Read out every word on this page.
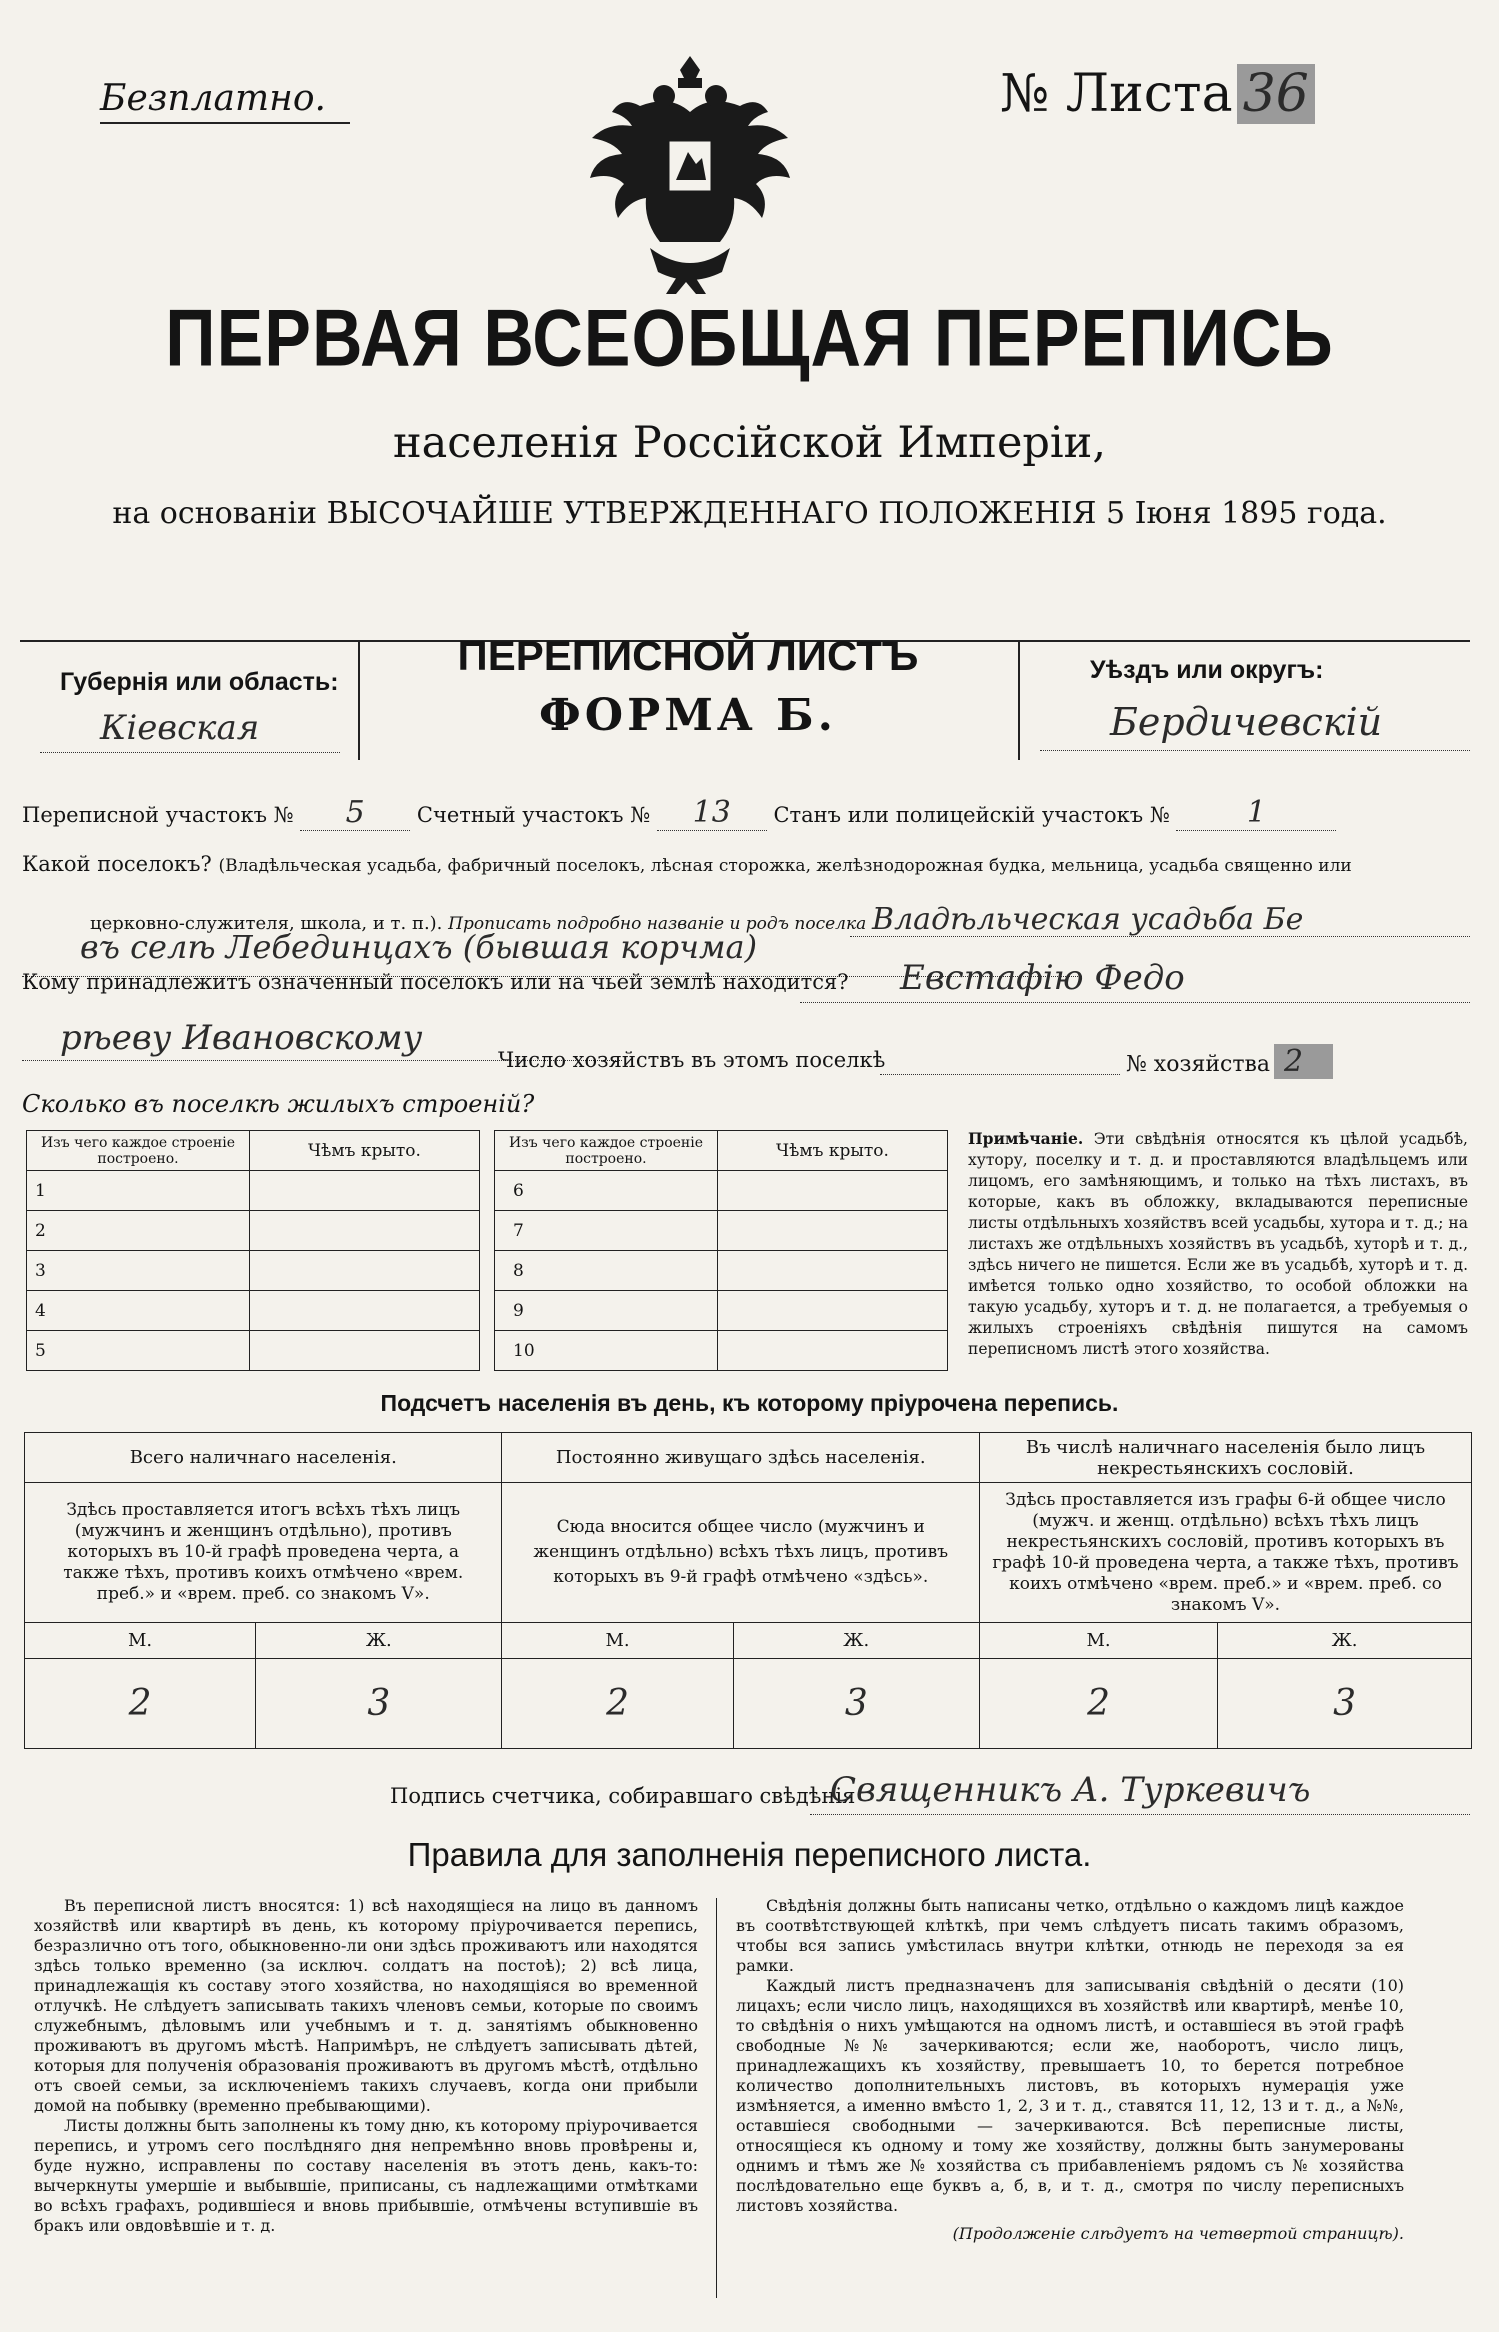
Безплатно.	№ Листа 36
ПЕРВАЯ ВСЕОБЩАЯ ПЕРЕПИСЬ
населенія Россійской Имперіи,
на основаніи ВЫСОЧАЙШЕ УТВЕРЖДЕННАГО ПОЛОЖЕНІЯ 5 Іюня 1895 года.
Губернія или область:
Кіевская
ПЕРЕПИСНОЙ ЛИСТЪ
ФОРМА Б.
Уѣздъ или округъ:
Бердичевскій
Переписной участокъ № 5 Счетный участокъ № 13 Станъ или полицейскій участокъ №	1
Какой поселокъ? (Владѣльческая усадьба, фабричный поселокъ, лѣсная сторожка, желѣзнодорожная будка, мельница, усадьба священно или
церковно-служителя, школа, и т. п.). Прописать подробно названіе и родъ поселка Владѣльческая усадьба Бе
въ селѣ Лебединцахъ (бывшая корчма)
Кому принадлежитъ означенный поселокъ или на чьей землѣ находится? Евстафію Федо
рѣеву Ивановскому
Число хозяйствъ въ этомъ поселкѣ	№ хозяйства 2
Сколько въ поселкѣ жилыхъ строеній?
Изъ чего каждое строеніе построено.	Чѣмъ крыто.
1	
2	
3	
4	
5	
Изъ чего каждое строеніе построено.	Чѣмъ крыто.
6	
7	
8	
9	
10	
Примѣчаніе. Эти свѣдѣнія относятся къ цѣлой усадьбѣ, хутору, поселку и т. д. и проставляются владѣльцемъ или лицомъ, его замѣняющимъ, и только на тѣхъ листахъ, въ которые, какъ въ обложку, вкладываются переписные листы отдѣльныхъ хозяйствъ всей усадьбы, хутора и т. д.; на листахъ же отдѣльныхъ хозяйствъ въ усадьбѣ, хуторѣ и т. д., здѣсь ничего не пишется. Если же въ усадьбѣ, хуторѣ и т. д. имѣется только одно хозяйство, то особой обложки на такую усадьбу, хуторъ и т. д. не полагается, а требуемыя о жилыхъ строеніяхъ свѣдѣнія пишутся на самомъ переписномъ листѣ этого хозяйства.
Подсчетъ населенія въ день, къ которому пріурочена перепись.
Всего наличнаго населенія.		Постоянно живущаго здѣсь населенія.		Въ числѣ наличнаго населенія было лицъ некрестьянскихъ сословій.	
Здѣсь проставляется итогъ всѣхъ тѣхъ лицъ (мужчинъ и женщинъ отдѣльно), противъ которыхъ въ 10-й графѣ проведена черта, а также тѣхъ, противъ коихъ отмѣчено «врем. преб.» и «врем. преб. со знакомъ V».		Сюда вносится общее число (мужчинъ и женщинъ отдѣльно) всѣхъ тѣхъ лицъ, противъ которыхъ въ 9-й графѣ отмѣчено «здѣсь».		Здѣсь проставляется изъ графы 6-й общее число (мужч. и женщ. отдѣльно) всѣхъ тѣхъ лицъ некрестьянскихъ сословій, противъ которыхъ въ графѣ 10-й проведена черта, а также тѣхъ, противъ коихъ отмѣчено «врем. преб.» и «врем. преб. со знакомъ V».	
М.	Ж.	М.	Ж.	М.	Ж.
2	3	2	3	2	3
Подпись счетчика, собиравшаго свѣдѣнія
Священникъ А. Туркевичъ
Правила для заполненія переписного листа.

Въ переписной листъ вносятся: 1) всѣ находящіеся на лицо въ данномъ хозяйствѣ или квартирѣ въ день, къ которому пріурочивается перепись, безразлично отъ того, обыкновенно-ли они здѣсь проживаютъ или находятся здѣсь только временно (за исключ. солдатъ на постоѣ); 2) всѣ лица, принадлежащія къ составу этого хозяйства, но находящіяся во временной отлучкѣ. Не слѣдуетъ записывать такихъ членовъ семьи, которые по своимъ служебнымъ, дѣловымъ или учебнымъ и т. д. занятіямъ обыкновенно проживаютъ въ другомъ мѣстѣ. Напримѣръ, не слѣдуетъ записывать дѣтей, которыя для полученія образованія проживаютъ въ другомъ мѣстѣ, отдѣльно отъ своей семьи, за исключеніемъ такихъ случаевъ, когда они прибыли домой на побывку (временно пребывающими).

Листы должны быть заполнены къ тому дню, къ которому пріурочивается перепись, и утромъ сего послѣдняго дня непремѣнно вновь провѣрены и, буде нужно, исправлены по составу населенія въ этотъ день, какъ-то: вычеркнуты умершіе и выбывшіе, приписаны, съ надлежащими отмѣтками во всѣхъ графахъ, родившіеся и вновь прибывшіе, отмѣчены вступившіе въ бракъ или овдовѣвшіе и т. д.

Свѣдѣнія должны быть написаны четко, отдѣльно о каждомъ лицѣ каждое въ соотвѣтствующей клѣткѣ, при чемъ слѣдуетъ писать такимъ образомъ, чтобы вся запись умѣстилась внутри клѣтки, отнюдь не переходя за ея рамки.

Каждый листъ предназначенъ для записыванія свѣдѣній о десяти (10) лицахъ; если число лицъ, находящихся въ хозяйствѣ или квартирѣ, менѣе 10, то свѣдѣнія о нихъ умѣщаются на одномъ листѣ, и оставшіеся въ этой графѣ свободные №№ зачеркиваются; если же, наоборотъ, число лицъ, принадлежащихъ къ хозяйству, превышаетъ 10, то берется потребное количество дополнительныхъ листовъ, въ которыхъ нумерація уже измѣняется, а именно вмѣсто 1, 2, 3 и т. д., ставятся 11, 12, 13 и т. д., а №№, оставшіеся свободными — зачеркиваются. Всѣ переписные листы, относящіеся къ одному и тому же хозяйству, должны быть занумерованы однимъ и тѣмъ же № хозяйства съ прибавленіемъ рядомъ съ № хозяйства послѣдовательно еще буквъ а, б, в, и т. д., смотря по числу переписныхъ листовъ хозяйства.

(Продолженіе слѣдуетъ на четвертой страницѣ).
